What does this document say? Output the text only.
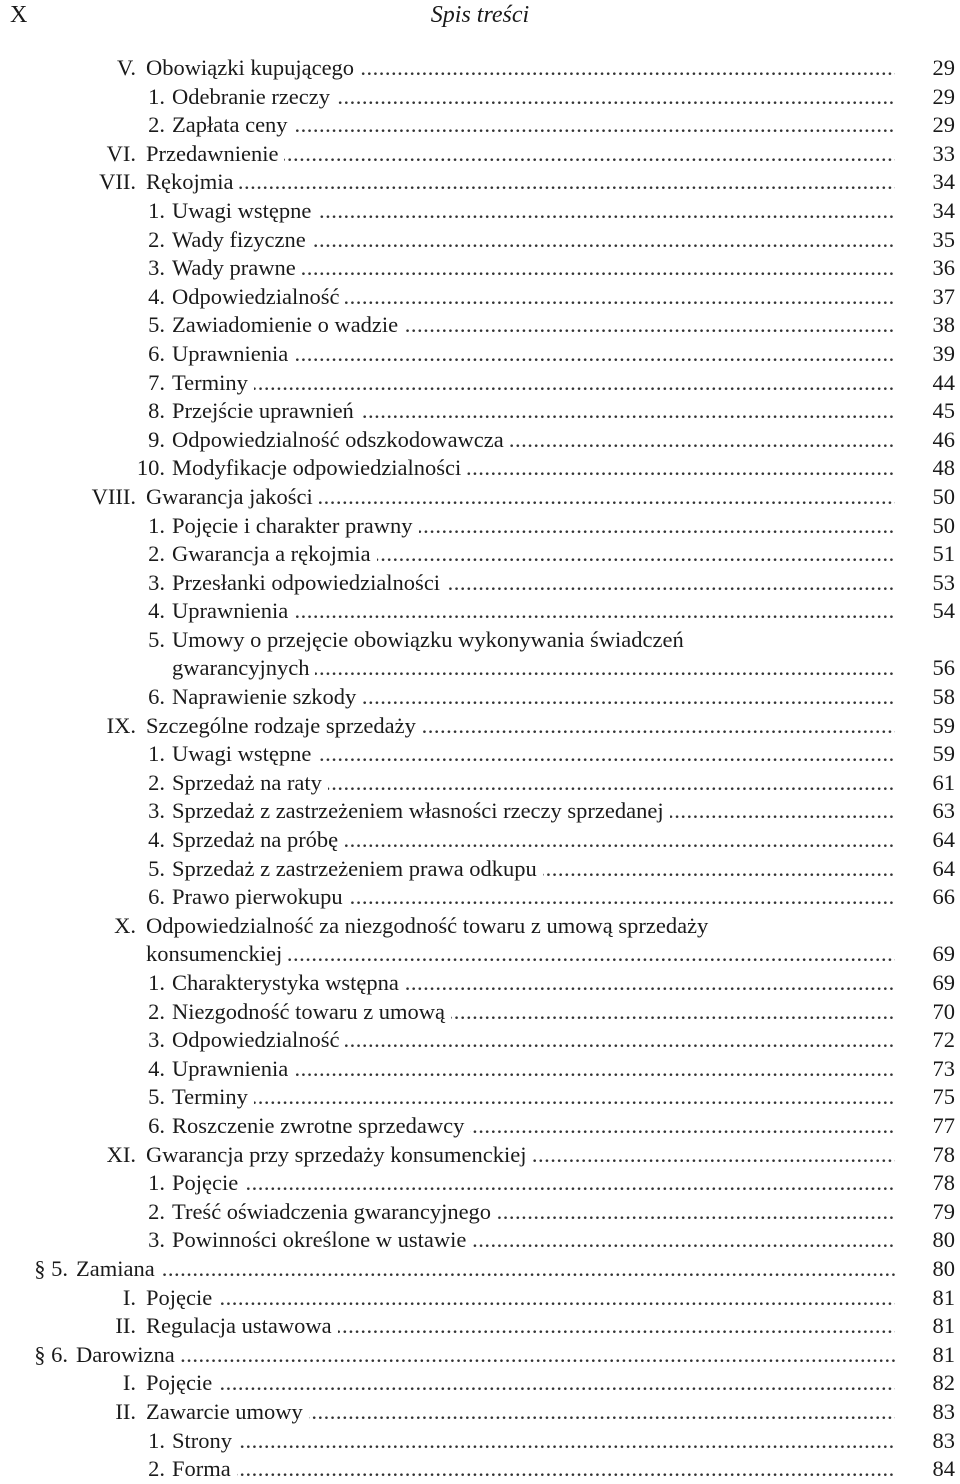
X	Spis treści
V. Obowiązki kupującego .....	29
1. Odebranie rzeczy .....	29
2. Zapłata ceny .....	29
VI. Przedawnienie .....	33
VII. Rękojmia .....	34
1. Uwagi wstępne .....	34
2. Wady fizyczne .....	35
3. Wady prawne .....	36
4. Odpowiedzialność .....	37
5. Zawiadomienie o wadzie .....	38
6. Uprawnienia .....	39
7. Terminy .....	44
8. Przejście uprawnień .....	45
9. Odpowiedzialność odszkodowawcza .....	46
10. Modyfikacje odpowiedzialności .....	48
VIII. Gwarancja jakości .....	50
1. Pojęcie i charakter prawny .....	50
2. Gwarancja a rękojmia .....	51
3. Przesłanki odpowiedzialności .....	53
4. Uprawnienia .....	54
5. Umowy o przejęcie obowiązku wykonywania świadczeń
gwarancyjnych .....	56
6. Naprawienie szkody .....	58
IX. Szczególne rodzaje sprzedaży .....	59
1. Uwagi wstępne .....	59
2. Sprzedaż na raty .....	61
3. Sprzedaż z zastrzeżeniem własności rzeczy sprzedanej .....	63
4. Sprzedaż na próbę .....	64
5. Sprzedaż z zastrzeżeniem prawa odkupu .....	64
6. Prawo pierwokupu .....	66
X. Odpowiedzialność za niezgodność towaru z umową sprzedaży
konsumenckiej .....	69
1. Charakterystyka wstępna .....	69
2. Niezgodność towaru z umową .....	70
3. Odpowiedzialność .....	72
4. Uprawnienia .....	73
5. Terminy .....	75
6. Roszczenie zwrotne sprzedawcy .....	77
XI. Gwarancja przy sprzedaży konsumenckiej .....	78
1. Pojęcie .....	78
2. Treść oświadczenia gwarancyjnego .....	79
3. Powinności określone w ustawie .....	80
§ 5. Zamiana .....	80
I. Pojęcie .....	81
II. Regulacja ustawowa .....	81
§ 6. Darowizna .....	81
I. Pojęcie .....	82
II. Zawarcie umowy .....	83
1. Strony .....	83
2. Forma .....	84
